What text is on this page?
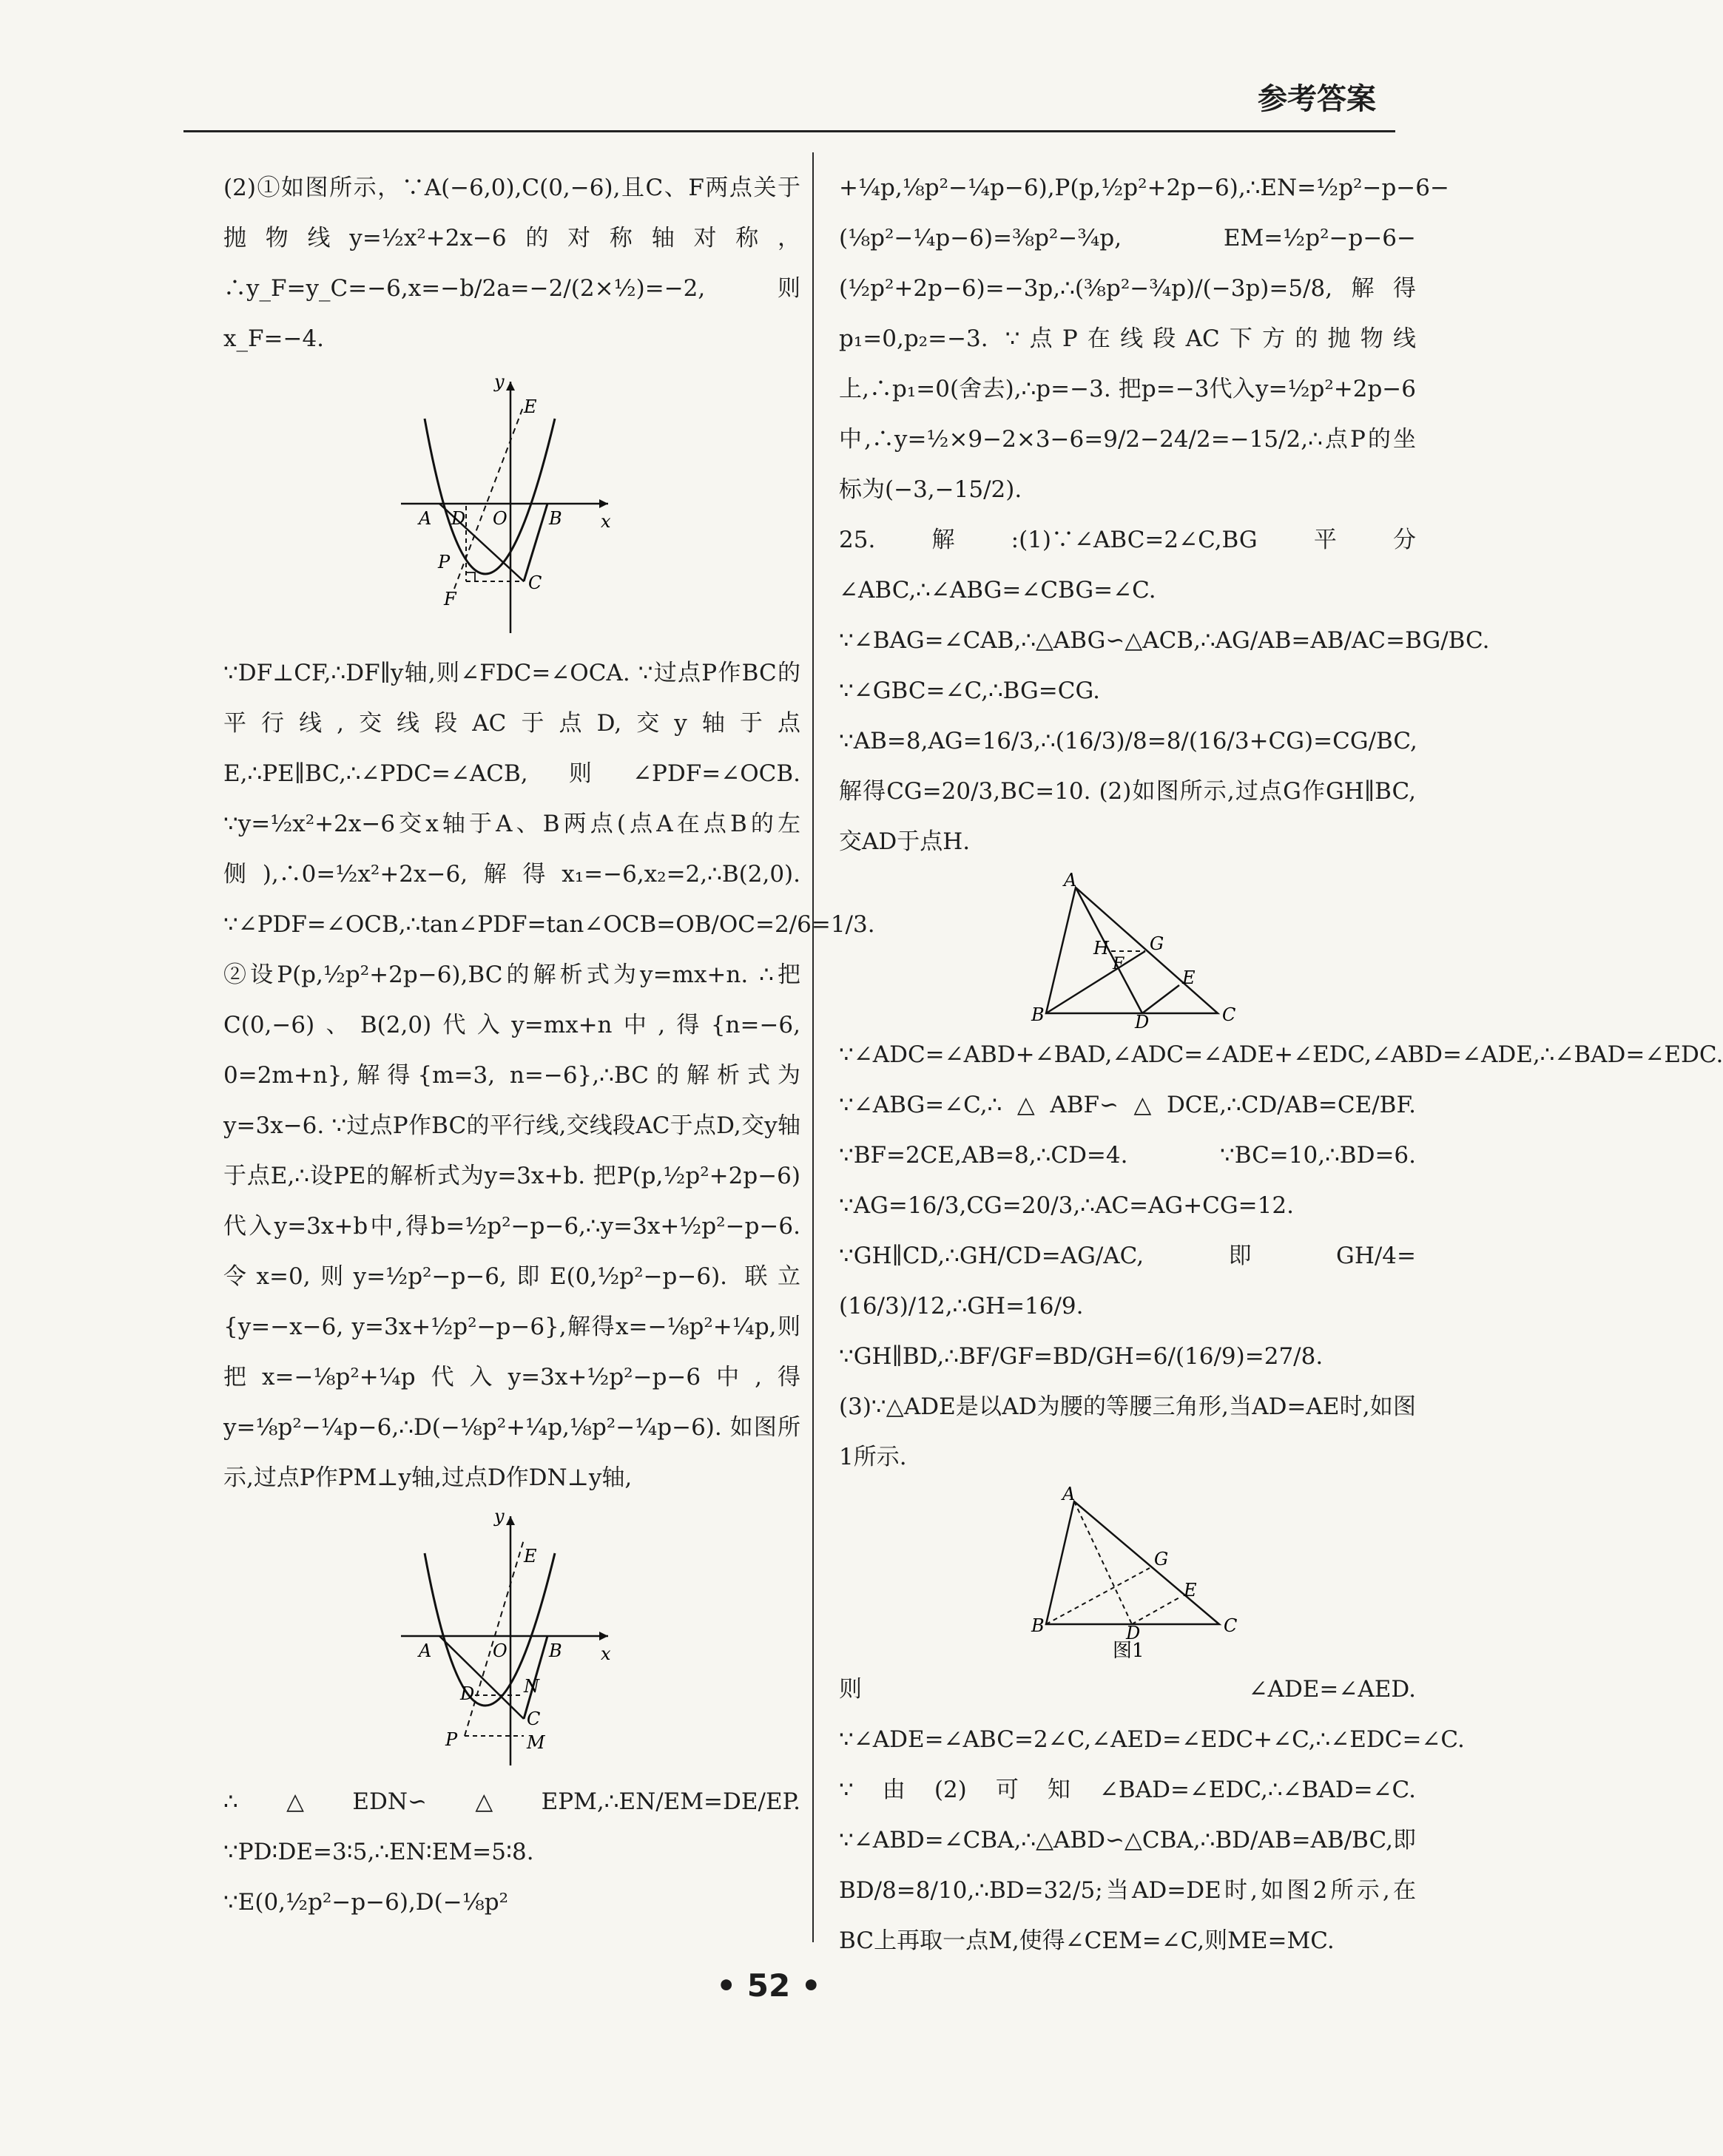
参考答案

(2)①如图所示，∵A(−6,0),C(0,−6),且C、F两点关于抛物线y=½x²+2x−6的对称轴对称，∴y_F=y_C=−6,x=−b/2a=−2/(2×½)=−2,则x_F=−4.

y
E
A D O B x
P
C
F

∵DF⊥CF,∴DF∥y轴,则∠FDC=∠OCA. ∵过点P作BC的平行线,交线段AC于点D,交y轴于点E,∴PE∥BC,∴∠PDC=∠ACB,则∠PDF=∠OCB. ∵y=½x²+2x−6交x轴于A、B两点(点A在点B的左侧),∴0=½x²+2x−6,解得x₁=−6,x₂=2,∴B(2,0). ∵∠PDF=∠OCB,∴tan∠PDF=tan∠OCB=OB/OC=2/6=1/3.

②设P(p,½p²+2p−6),BC的解析式为y=mx+n. ∴把C(0,−6)、B(2,0)代入y=mx+n中,得{n=−6, 0=2m+n},解得{m=3, n=−6},∴BC的解析式为y=3x−6. ∵过点P作BC的平行线,交线段AC于点D,交y轴于点E,∴设PE的解析式为y=3x+b. 把P(p,½p²+2p−6)代入y=3x+b中,得b=½p²−p−6,∴y=3x+½p²−p−6. 令x=0,则y=½p²−p−6,即E(0,½p²−p−6). 联立{y=−x−6, y=3x+½p²−p−6},解得x=−⅛p²+¼p,则把x=−⅛p²+¼p代入y=3x+½p²−p−6中,得y=⅛p²−¼p−6,∴D(−⅛p²+¼p,⅛p²−¼p−6). 如图所示,过点P作PM⊥y轴,过点D作DN⊥y轴,

y
E
A	O B x
N
D
C
P	M

∴△EDN∽△EPM,∴EN/EM=DE/EP. ∵PD∶DE=3∶5,∴EN∶EM=5∶8. ∵E(0,½p²−p−6),D(−⅛p²

+¼p,⅛p²−¼p−6),P(p,½p²+2p−6),∴EN=½p²−p−6−(⅛p²−¼p−6)=⅜p²−¾p, EM=½p²−p−6−(½p²+2p−6)=−3p,∴(⅜p²−¾p)/(−3p)=5/8,解得p₁=0,p₂=−3. ∵点P在线段AC下方的抛物线上,∴p₁=0(舍去),∴p=−3. 把p=−3代入y=½p²+2p−6中,∴y=½×9−2×3−6=9/2−24/2=−15/2,∴点P的坐标为(−3,−15/2).

25.解:(1)∵∠ABC=2∠C,BG平分∠ABC,∴∠ABG=∠CBG=∠C. ∵∠BAG=∠CAB,∴△ABG∽△ACB,∴AG/AB=AB/AC=BG/BC. ∵∠GBC=∠C,∴BG=CG. ∵AB=8,AG=16/3,∴(16/3)/8=8/(16/3+CG)=CG/BC,解得CG=20/3,BC=10. (2)如图所示,过点G作GH∥BC,交AD于点H.

A
G
H
F
E
B	D	C

∵∠ADC=∠ABD+∠BAD,∠ADC=∠ADE+∠EDC,∠ABD=∠ADE,∴∠BAD=∠EDC. ∵∠ABG=∠C,∴△ABF∽△DCE,∴CD/AB=CE/BF. ∵BF=2CE,AB=8,∴CD=4. ∵BC=10,∴BD=6. ∵AG=16/3,CG=20/3,∴AC=AG+CG=12. ∵GH∥CD,∴GH/CD=AG/AC,即GH/4=(16/3)/12,∴GH=16/9. ∵GH∥BD,∴BF/GF=BD/GH=6/(16/9)=27/8. (3)∵△ADE是以AD为腰的等腰三角形,当AD=AE时,如图1所示.

A
G
E
B	D	C
图1

则∠ADE=∠AED. ∵∠ADE=∠ABC=2∠C,∠AED=∠EDC+∠C,∴∠EDC=∠C. ∵由(2)可知∠BAD=∠EDC,∴∠BAD=∠C. ∵∠ABD=∠CBA,∴△ABD∽△CBA,∴BD/AB=AB/BC,即BD/8=8/10,∴BD=32/5;当AD=DE时,如图2所示,在BC上再取一点M,使得∠CEM=∠C,则ME=MC.

• 52 •
